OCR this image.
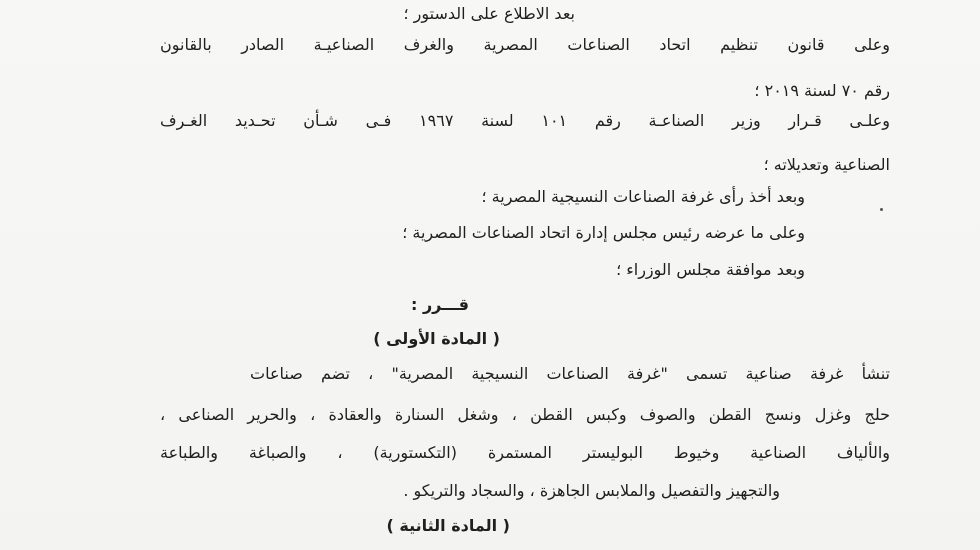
بعد الاطلاع على الدستور ؛
وعلى قانون تنظيم اتحاد الصناعات المصرية والغرف الصناعيـة الصادر بالقانون
رقم ٧٠ لسنة ٢٠١٩ ؛
وعلـى قـرار وزير الصناعـة رقم ١٠١ لسنة ١٩٦٧ فـى شـأن تحـديد الغـرف
الصناعية وتعديلاته ؛
وبعد أخذ رأى غرفة الصناعات النسيجية المصرية ؛
وعلى ما عرضه رئيس مجلس إدارة اتحاد الصناعات المصرية ؛
وبعد موافقة مجلس الوزراء ؛
قـــرر :
( المادة الأولى )
تنشأ غرفة صناعية تسمى "غرفة الصناعات النسيجية المصرية" ، تضم صناعات
حلج وغزل ونسج القطن والصوف وكبس القطن ، وشغل السنارة والعقادة ، والحرير الصناعى ،
والألياف الصناعية وخيوط البوليستر المستمرة (التكستورية) ، والصباغة والطباعة
والتجهيز والتفصيل والملابس الجاهزة ، والسجاد والتريكو .
( المادة الثانية )
